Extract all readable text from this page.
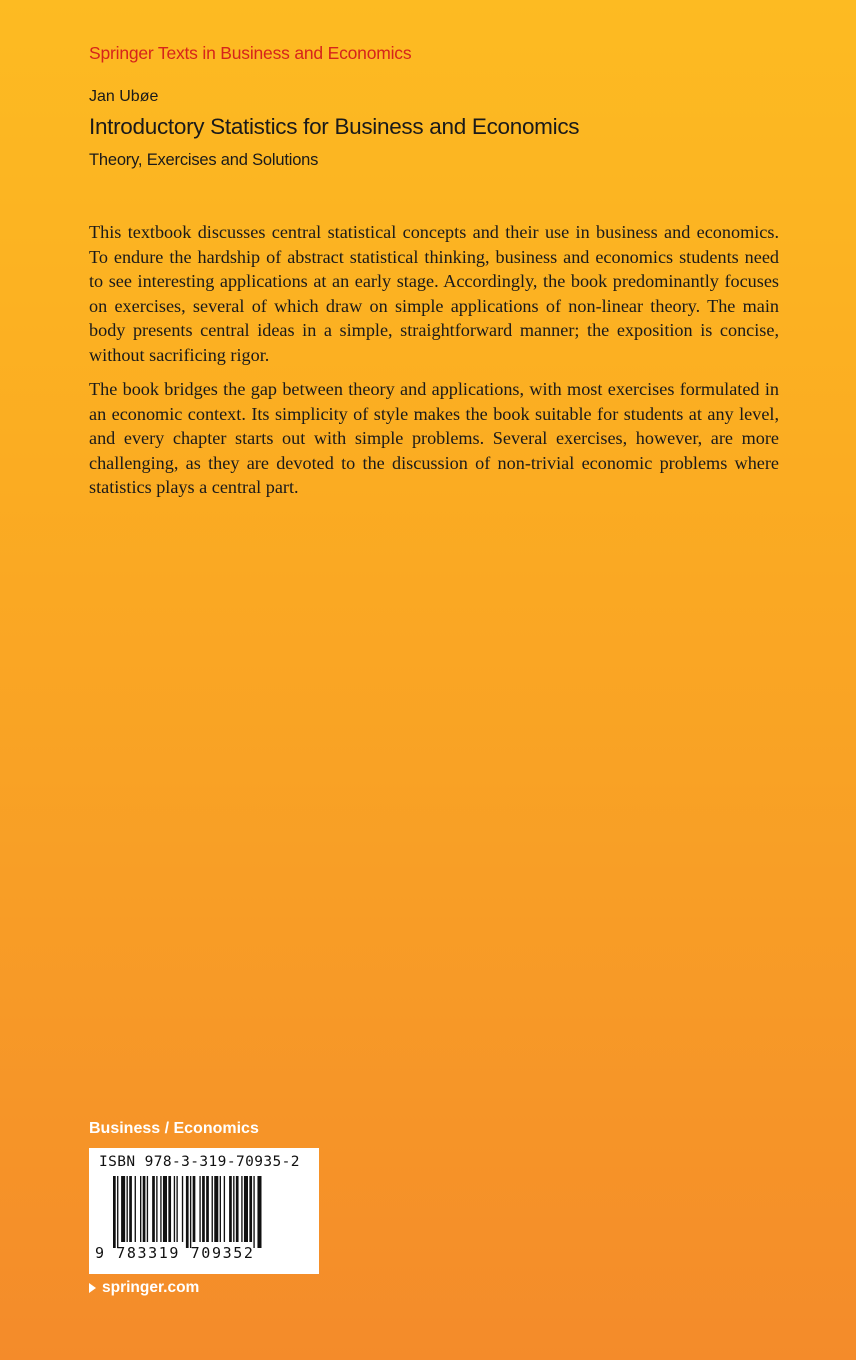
Springer Texts in Business and Economics
Jan Ubøe
Introductory Statistics for Business and Economics
Theory, Exercises and Solutions

This textbook discusses central statistical concepts and their use in business and economics. To endure the hardship of abstract statistical thinking, business and economics students need to see interesting applications at an early stage. Accordingly, the book predominantly focuses on exercises, several of which draw on simple applications of non-linear theory. The main body presents central ideas in a simple, straightforward manner; the exposition is concise, without sacrificing rigor.

The book bridges the gap between theory and applications, with most exercises formulated in an economic context. Its simplicity of style makes the book suitable for students at any level, and every chapter starts out with simple problems. Several exercises, however, are more challenging, as they are devoted to the discussion of non-trivial economic problems where statistics plays a central part.

Business / Economics
ISBN 978-3-319-70935-2
9 783319 709352
springer.com
